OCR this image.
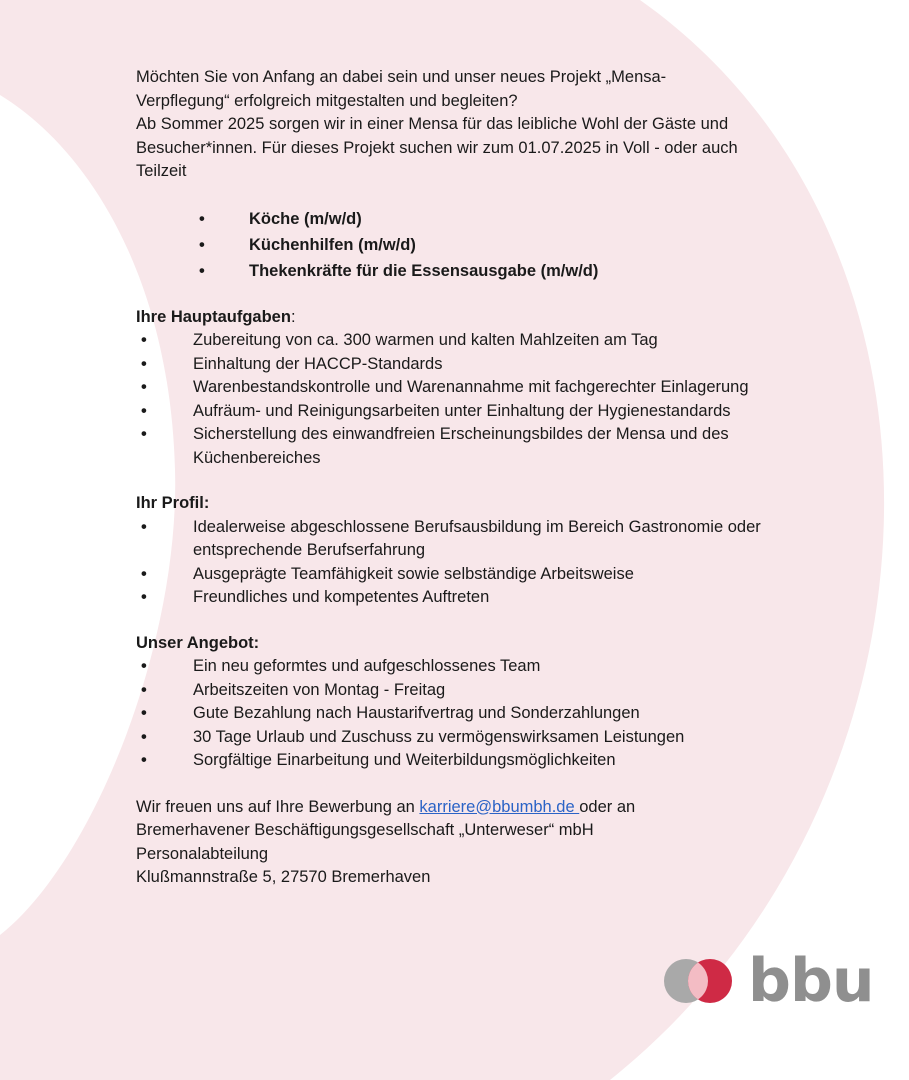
Möchten Sie von Anfang an dabei sein und unser neues Projekt „Mensa-

Verpflegung“ erfolgreich mitgestalten und begleiten?

Ab Sommer 2025 sorgen wir in einer Mensa für das leibliche Wohl der Gäste und

Besucher*innen. Für dieses Projekt suchen wir zum 01.07.2025 in Voll - oder auch

Teilzeit

• Köche (m/w/d)
• Küchenhilfen (m/w/d)
• Thekenkräfte für die Essensausgabe (m/w/d)

Ihre Hauptaufgaben:

• Zubereitung von ca. 300 warmen und kalten Mahlzeiten am Tag
• Einhaltung der HACCP-Standards
• Warenbestandskontrolle und Warenannahme mit fachgerechter Einlagerung
• Aufräum- und Reinigungsarbeiten unter Einhaltung der Hygienestandards
• Sicherstellung des einwandfreien Erscheinungsbildes der Mensa und des Küchenbereiches

Ihr Profil:

• Idealerweise abgeschlossene Berufsausbildung im Bereich Gastronomie oder entsprechende Berufserfahrung
• Ausgeprägte Teamfähigkeit sowie selbständige Arbeitsweise
• Freundliches und kompetentes Auftreten

Unser Angebot:

• Ein neu geformtes und aufgeschlossenes Team
• Arbeitszeiten von Montag - Freitag
• Gute Bezahlung nach Haustarifvertrag und Sonderzahlungen
• 30 Tage Urlaub und Zuschuss zu vermögenswirksamen Leistungen
• Sorgfältige Einarbeitung und Weiterbildungsmöglichkeiten

Wir freuen uns auf Ihre Bewerbung an karriere@bbumbh.de oder an

Bremerhavener Beschäftigungsgesellschaft „Unterweser“ mbH

Personalabteilung

Klußmannstraße 5, 27570 Bremerhaven

bbu
